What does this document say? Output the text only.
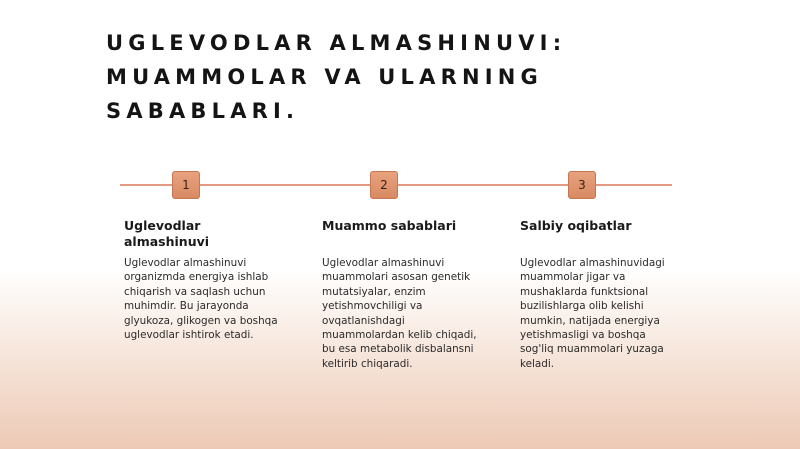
UGLEVODLAR ALMASHINUVI:
MUAMMOLAR VA ULARNING
SABABLARI.
1	2	3
Uglevodlar almashinuvi

Uglevodlar almashinuvi organizmda energiya ishlab chiqarish va saqlash uchun muhimdir. Bu jarayonda glyukoza, glikogen va boshqa uglevodlar ishtirok etadi.

Muammo sabablari

Uglevodlar almashinuvi muammolari asosan genetik mutatsiyalar, enzim yetishmovchiligi va ovqatlanishdagi muammolardan kelib chiqadi, bu esa metabolik disbalansni keltirib chiqaradi.

Salbiy oqibatlar

Uglevodlar almashinuvidagi muammolar jigar va mushaklarda funktsional buzilishlarga olib kelishi mumkin, natijada energiya yetishmasligi va boshqa sog'liq muammolari yuzaga keladi.
